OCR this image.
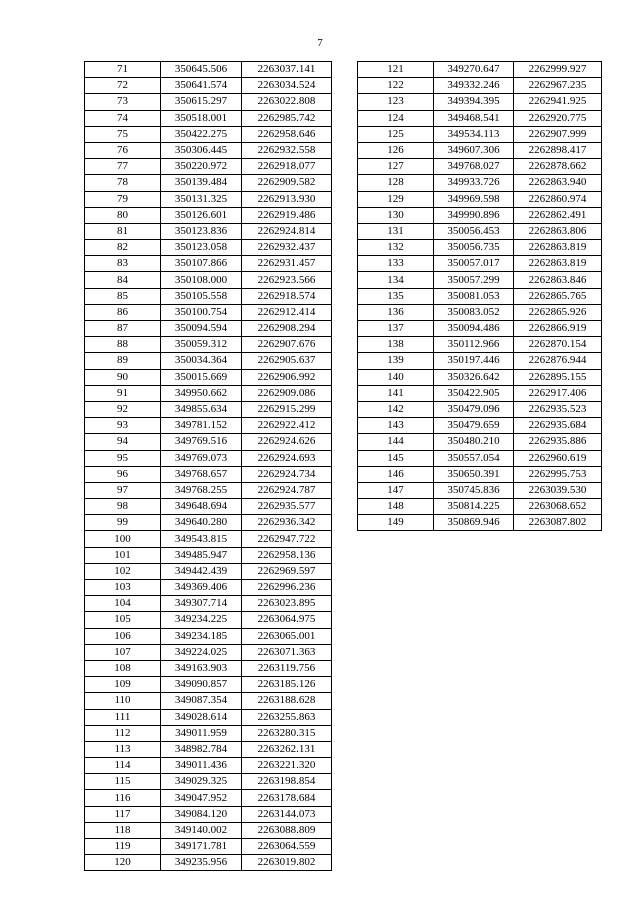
7
71	350645.506	2263037.141
72	350641.574	2263034.524
73	350615.297	2263022.808
74	350518.001	2262985.742
75	350422.275	2262958.646
76	350306.445	2262932.558
77	350220.972	2262918.077
78	350139.484	2262909.582
79	350131.325	2262913.930
80	350126.601	2262919.486
81	350123.836	2262924.814
82	350123.058	2262932.437
83	350107.866	2262931.457
84	350108.000	2262923.566
85	350105.558	2262918.574
86	350100.754	2262912.414
87	350094.594	2262908.294
88	350059.312	2262907.676
89	350034.364	2262905.637
90	350015.669	2262906.992
91	349950.662	2262909.086
92	349855.634	2262915.299
93	349781.152	2262922.412
94	349769.516	2262924.626
95	349769.073	2262924.693
96	349768.657	2262924.734
97	349768.255	2262924.787
98	349648.694	2262935.577
99	349640.280	2262936.342
100	349543.815	2262947.722
101	349485.947	2262958.136
102	349442.439	2262969.597
103	349369.406	2262996.236
104	349307.714	2263023.895
105	349234.225	2263064.975
106	349234.185	2263065.001
107	349224.025	2263071.363
108	349163.903	2263119.756
109	349090.857	2263185.126
110	349087.354	2263188.628
111	349028.614	2263255.863
112	349011.959	2263280.315
113	348982.784	2263262.131
114	349011.436	2263221.320
115	349029.325	2263198.854
116	349047.952	2263178.684
117	349084.120	2263144.073
118	349140.002	2263088.809
119	349171.781	2263064.559
120	349235.956	2263019.802
121	349270.647	2262999.927
122	349332.246	2262967.235
123	349394.395	2262941.925
124	349468.541	2262920.775
125	349534.113	2262907.999
126	349607.306	2262898.417
127	349768.027	2262878.662
128	349933.726	2262863.940
129	349969.598	2262860.974
130	349990.896	2262862.491
131	350056.453	2262863.806
132	350056.735	2262863.819
133	350057.017	2262863.819
134	350057.299	2262863.846
135	350081.053	2262865.765
136	350083.052	2262865.926
137	350094.486	2262866.919
138	350112.966	2262870.154
139	350197.446	2262876.944
140	350326.642	2262895.155
141	350422.905	2262917.406
142	350479.096	2262935.523
143	350479.659	2262935.684
144	350480.210	2262935.886
145	350557.054	2262960.619
146	350650.391	2262995.753
147	350745.836	2263039.530
148	350814.225	2263068.652
149	350869.946	2263087.802
